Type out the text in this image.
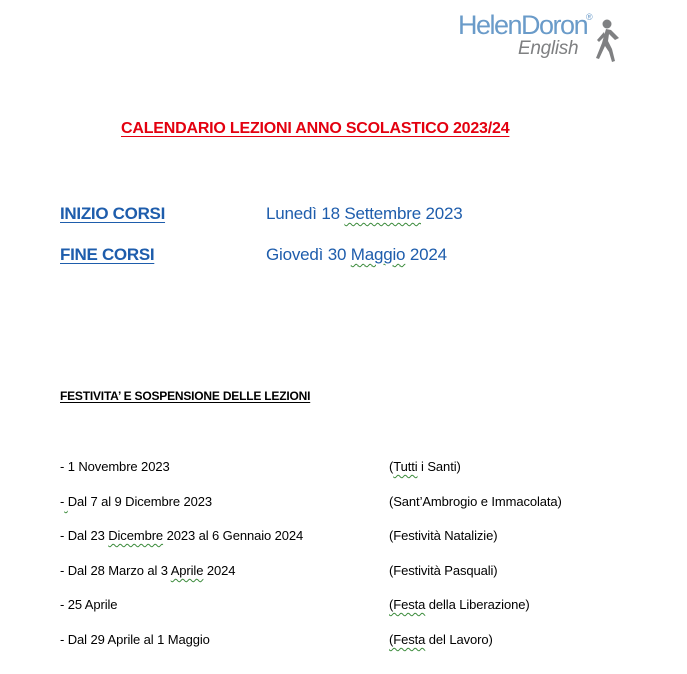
HelenDoron
®
English
CALENDARIO LEZIONI ANNO SCOLASTICO 2023/24
INIZIO CORSI	Lunedì 18 Settembre 2023
FINE CORSI	Giovedì 30 Maggio 2024
FESTIVITA’ E SOSPENSIONE DELLE LEZIONI
- 1 Novembre 2023	(Tutti i Santi)
- Dal 7 al 9 Dicembre 2023	(Sant’Ambrogio e Immacolata)
- Dal 23 Dicembre 2023 al 6 Gennaio 2024	(Festività Natalizie)
- Dal 28 Marzo al 3 Aprile 2024	(Festività Pasquali)
- 25 Aprile	(Festa della Liberazione)
- Dal 29 Aprile al 1 Maggio	(Festa del Lavoro)
